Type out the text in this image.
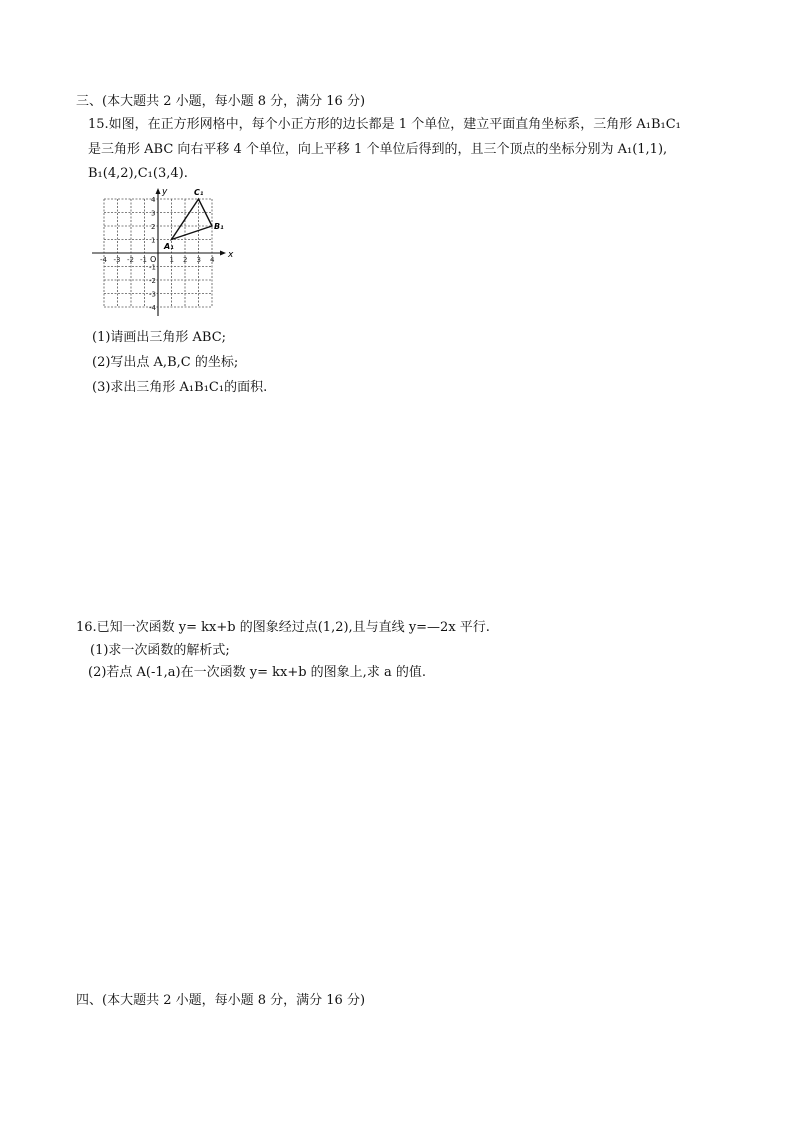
三、(本大题共 2 小题，每小题 8 分，满分 16 分)
15.如图，在正方形网格中，每个小正方形的边长都是 1 个单位，建立平面直角坐标系，三角形 A₁B₁C₁
是三角形 ABC 向右平移 4 个单位，向上平移 1 个单位后得到的，且三个顶点的坐标分别为 A₁(1,1),
B₁(4,2),C₁(3,4).
x
y
O
-4 -3 -2 -1	1 2 3 4
4
3
2
1
-1
-2
-3
-4
A₁
B₁
C₁
(1)请画出三角形 ABC;
(2)写出点 A,B,C 的坐标;
(3)求出三角形 A₁B₁C₁的面积.
16.已知一次函数 y= kx+b 的图象经过点(1,2),且与直线 y=—2x 平行.
(1)求一次函数的解析式;
(2)若点 A(-1,a)在一次函数 y= kx+b 的图象上,求 a 的值.
四、(本大题共 2 小题，每小题 8 分，满分 16 分)
